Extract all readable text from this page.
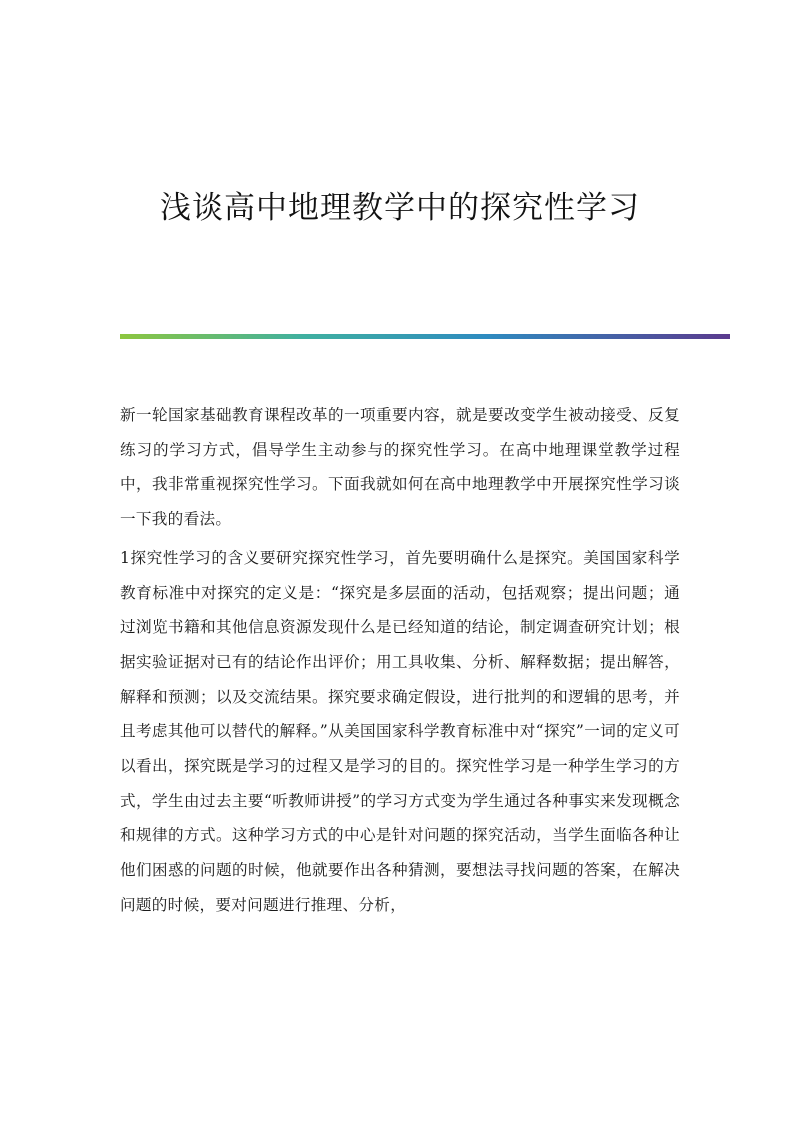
浅谈高中地理教学中的探究性学习

新一轮国家基础教育课程改革的一项重要内容，就是要改变学生被动接受、反复练习的学习方式，倡导学生主动参与的探究性学习。在高中地理课堂教学过程中，我非常重视探究性学习。下面我就如何在高中地理教学中开展探究性学习谈一下我的看法。

1探究性学习的含义要研究探究性学习，首先要明确什么是探究。美国国家科学教育标准中对探究的定义是：“探究是多层面的活动，包括观察；提出问题；通过浏览书籍和其他信息资源发现什么是已经知道的结论，制定调查研究计划；根据实验证据对已有的结论作出评价；用工具收集、分析、解释数据；提出解答，解释和预测；以及交流结果。探究要求确定假设，进行批判的和逻辑的思考，并且考虑其他可以替代的解释。”从美国国家科学教育标准中对“探究”一词的定义可以看出，探究既是学习的过程又是学习的目的。探究性学习是一种学生学习的方式，学生由过去主要“听教师讲授”的学习方式变为学生通过各种事实来发现概念和规律的方式。这种学习方式的中心是针对问题的探究活动，当学生面临各种让他们困惑的问题的时候，他就要作出各种猜测，要想法寻找问题的答案，在解决问题的时候，要对问题进行推理、分析，
